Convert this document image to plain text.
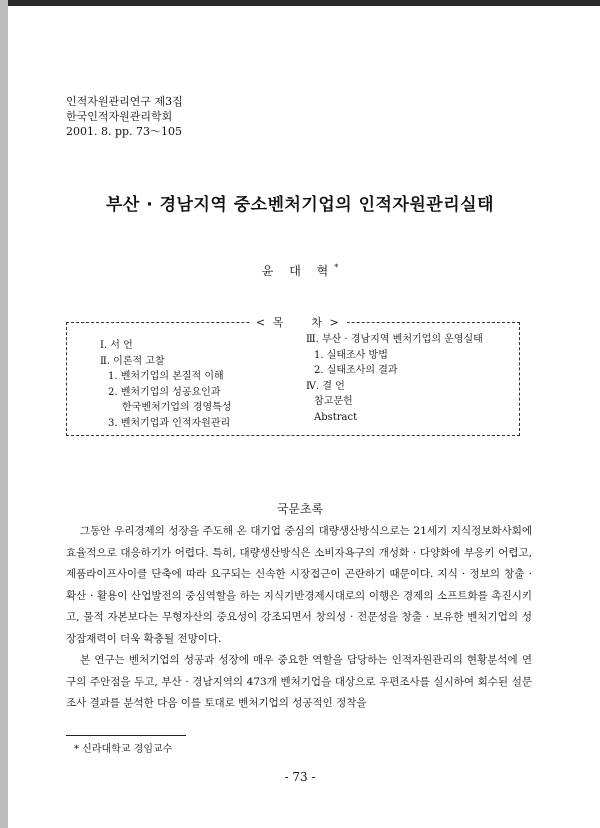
인적자원관리연구 제3집
한국인적자원관리학회
2001. 8. pp. 73～105
부산 · 경남지역 중소벤처기업의 인적자원관리실태
윤 대 혁*
< 목　　차 >
Ⅰ. 서 언
Ⅱ. 이론적 고찰
1. 벤처기업의 본질적 이해
2. 벤처기업의 성공요인과
한국벤처기업의 경영특성
3. 벤처기업과 인적자원관리
Ⅲ. 부산 · 경남지역 벤처기업의 운영실태
1. 실태조사 방법
2. 실태조사의 결과
Ⅳ. 결 언
참고문헌
Abstract
국문초록

그동안 우리경제의 성장을 주도해 온 대기업 중심의 대량생산방식으로는 21세기 지식정보화사회에 효율적으로 대응하기가 어렵다. 특히, 대량생산방식은 소비자욕구의 개성화 · 다양화에 부응키 어렵고, 제품라이프사이클 단축에 따라 요구되는 신속한 시장접근이 곤란하기 때문이다. 지식 · 정보의 창출 · 확산 · 활용이 산업발전의 중심역할을 하는 지식기반경제시대로의 이행은 경제의 소프트화를 촉진시키고, 물적 자본보다는 무형자산의 중요성이 강조되면서 창의성 · 전문성을 창출 · 보유한 벤처기업의 성장잠재력이 더욱 확충될 전망이다.

본 연구는 벤처기업의 성공과 성장에 매우 중요한 역할을 담당하는 인적자원관리의 현황분석에 연구의 주안점을 두고, 부산 · 경남지역의 473개 벤처기업을 대상으로 우편조사를 실시하여 회수된 설문조사 결과를 분석한 다음 이를 토대로 벤처기업의 성공적인 정착을

* 신라대학교 경임교수
- 73 -
